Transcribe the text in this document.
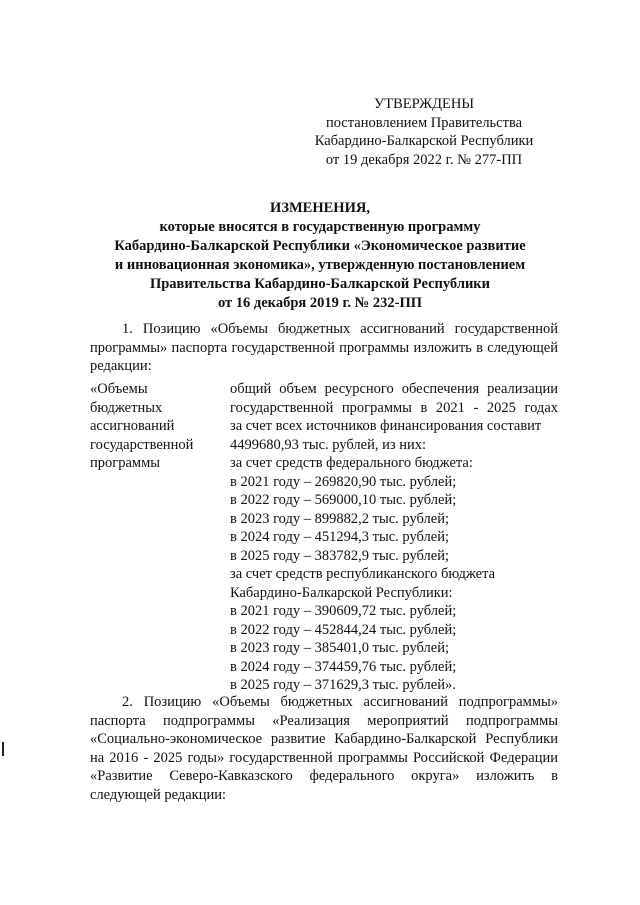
УТВЕРЖДЕНЫ
постановлением Правительства
Кабардино-Балкарской Республики
от 19 декабря 2022 г. № 277-ПП
ИЗМЕНЕНИЯ,
которые вносятся в государственную программу
Кабардино-Балкарской Республики «Экономическое развитие
и инновационная экономика», утвержденную постановлением
Правительства Кабардино-Балкарской Республики
от 16 декабря 2019 г. № 232-ПП
1. Позицию «Объемы бюджетных ассигнований государственной программы» паспорта государственной программы изложить в следующей редакции:
«Объемы
бюджетных
ассигнований
государственной
программы
общий объем ресурсного обеспечения реализации
государственной программы в 2021 - 2025 годах
за счет всех источников финансирования составит
4499680,93 тыс. рублей, из них:
за счет средств федерального бюджета:
в 2021 году – 269820,90 тыс. рублей;
в 2022 году – 569000,10 тыс. рублей;
в 2023 году – 899882,2 тыс. рублей;
в 2024 году – 451294,3 тыс. рублей;
в 2025 году – 383782,9 тыс. рублей;
за счет средств республиканского бюджета
Кабардино-Балкарской Республики:
в 2021 году – 390609,72 тыс. рублей;
в 2022 году – 452844,24 тыс. рублей;
в 2023 году – 385401,0 тыс. рублей;
в 2024 году – 374459,76 тыс. рублей;
в 2025 году – 371629,3 тыс. рублей».
2. Позицию «Объемы бюджетных ассигнований подпрограммы» паспорта подпрограммы «Реализация мероприятий подпрограммы «Социально-экономическое развитие Кабардино-Балкарской Республики на 2016 - 2025 годы» государственной программы Российской Федерации «Развитие Северо-Кавказского федерального округа» изложить в следующей редакции:
